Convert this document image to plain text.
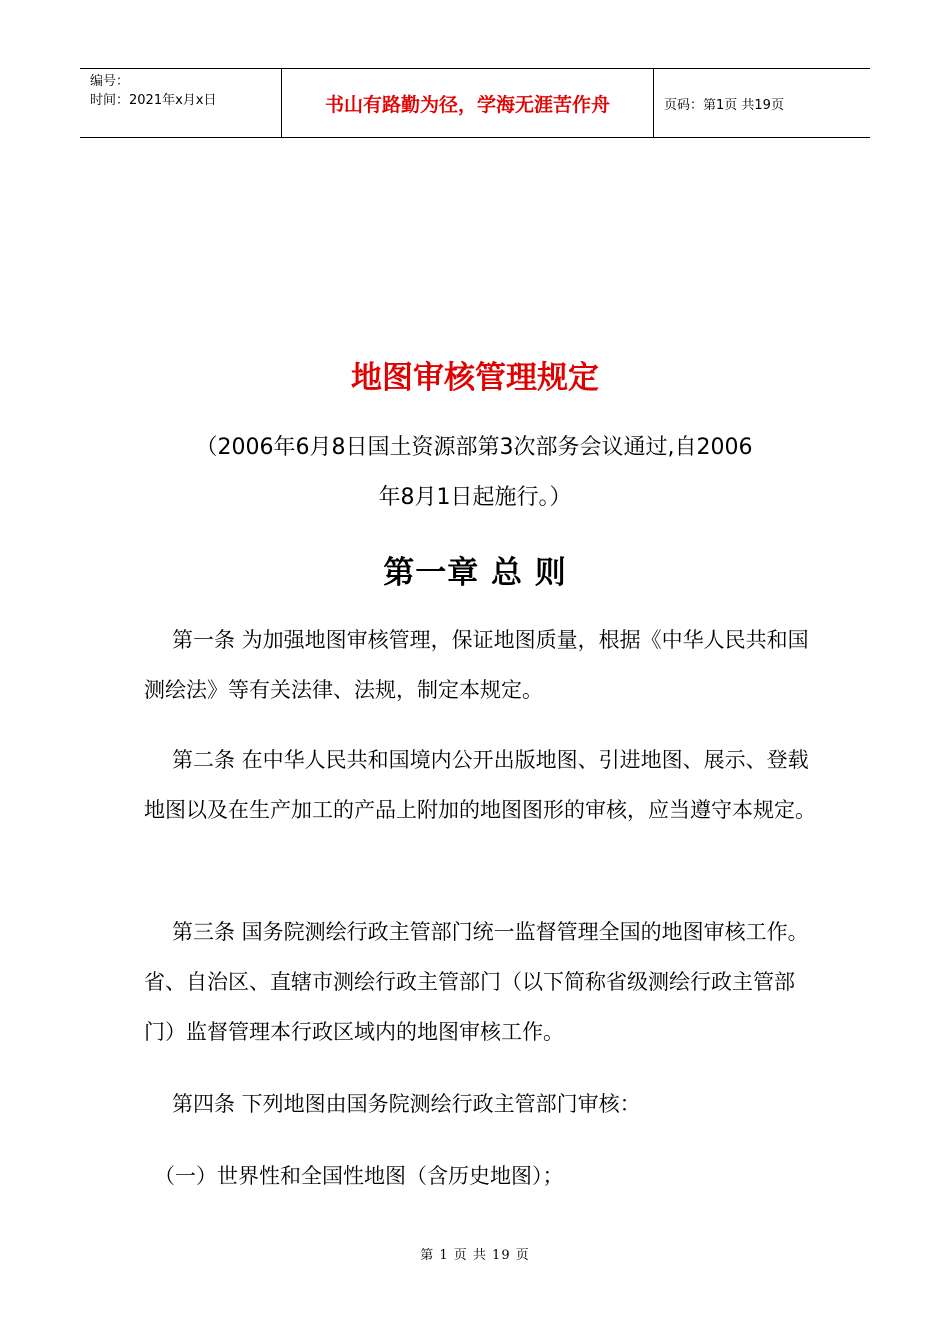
编号：
时间：2021年x月x日	书山有路勤为径，学海无涯苦作舟	页码：第1页 共19页
地图审核管理规定
（2006年6月8日国土资源部第3次部务会议通过,自2006
年8月1日起施行。）
第一章 总 则
第一条 为加强地图审核管理，保证地图质量，根据《中华人民共和国测绘法》等有关法律、法规，制定本规定。
第二条 在中华人民共和国境内公开出版地图、引进地图、展示、登载地图以及在生产加工的产品上附加的地图图形的审核，应当遵守本规定。
第三条 国务院测绘行政主管部门统一监督管理全国的地图审核工作。省、自治区、直辖市测绘行政主管部门（以下简称省级测绘行政主管部门）监督管理本行政区域内的地图审核工作。
第四条 下列地图由国务院测绘行政主管部门审核：
（一）世界性和全国性地图（含历史地图）；
第 1 页 共 19 页
